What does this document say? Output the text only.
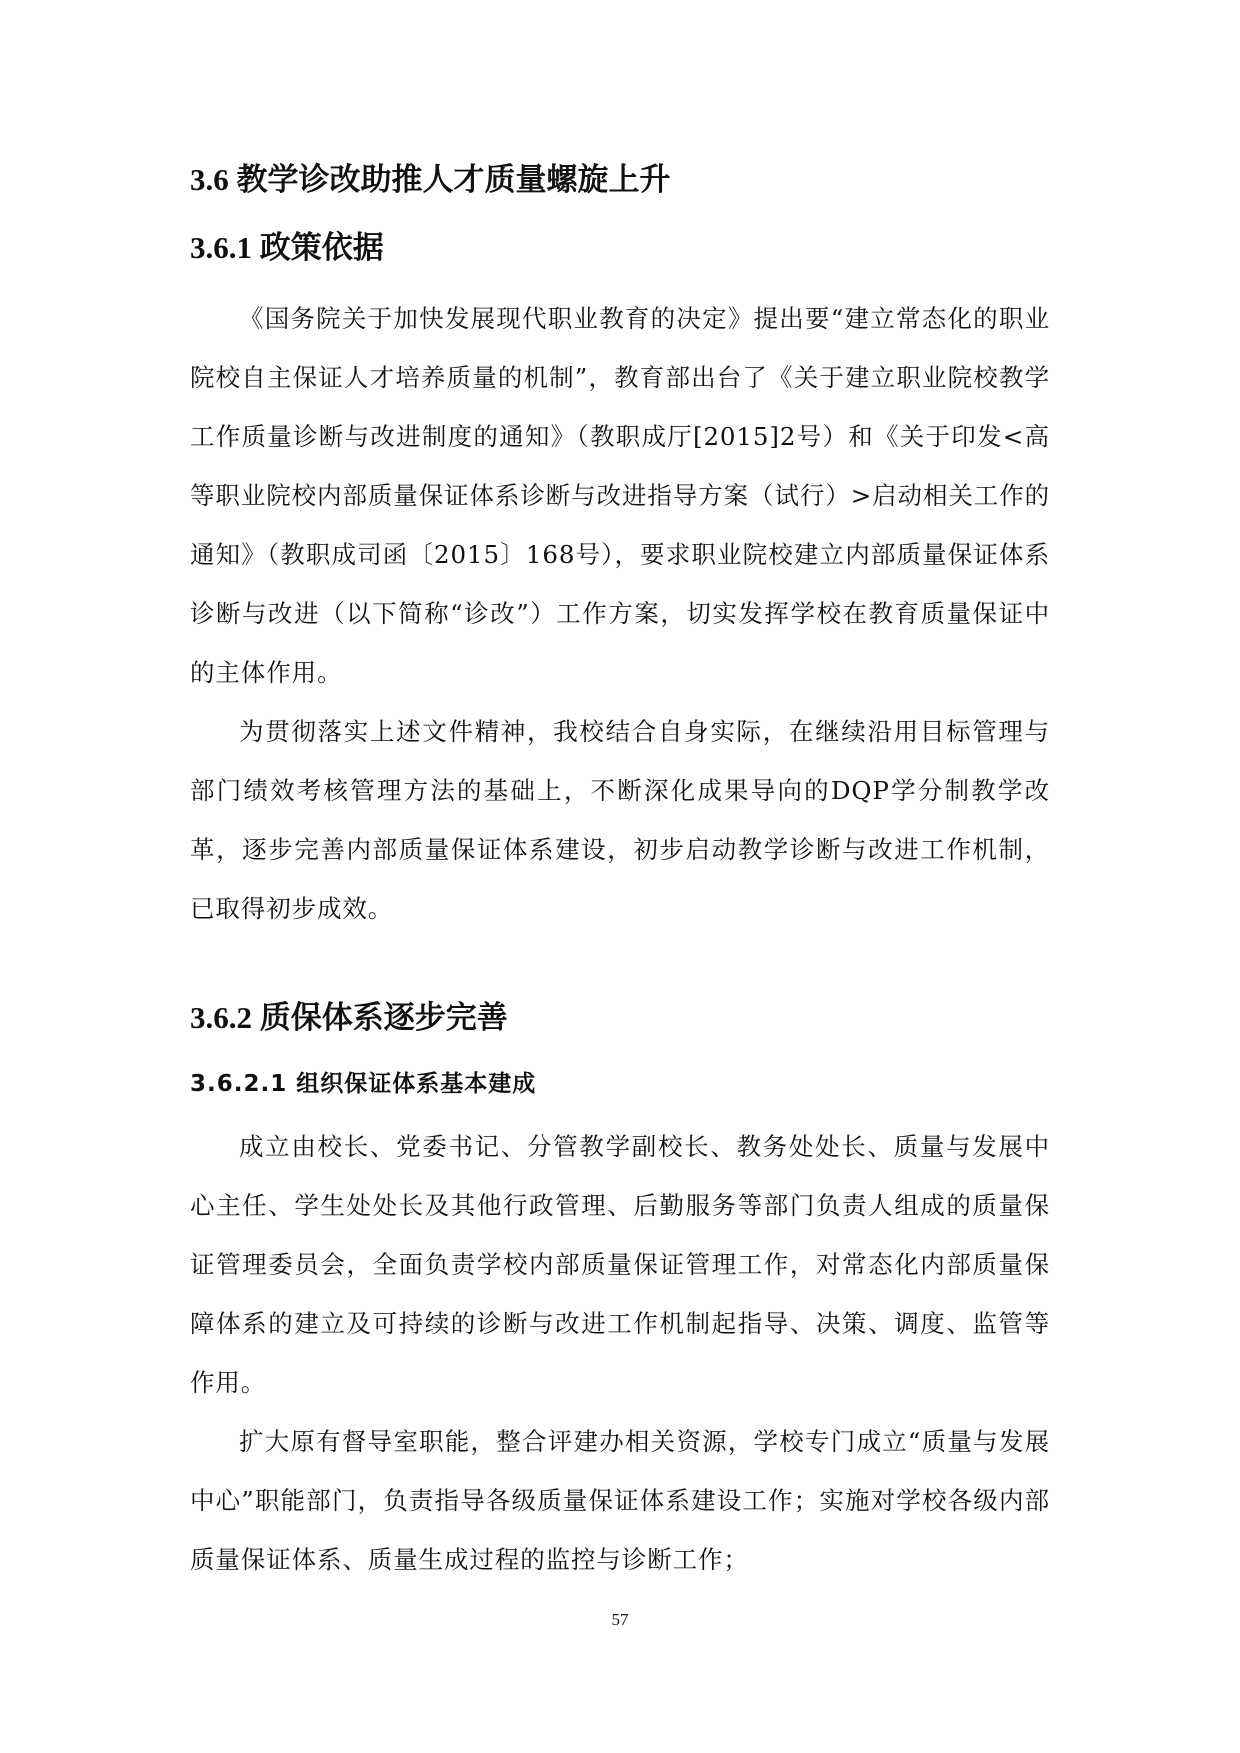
3.6 教学诊改助推人才质量螺旋上升
3.6.1 政策依据

《国务院关于加快发展现代职业教育的决定》提出要“建立常态化的职业院校自主保证人才培养质量的机制”，教育部出台了《关于建立职业院校教学工作质量诊断与改进制度的通知》（教职成厅[2015]2号）和《关于印发<高等职业院校内部质量保证体系诊断与改进指导方案（试行）>启动相关工作的通知》（教职成司函〔2015〕168号），要求职业院校建立内部质量保证体系诊断与改进（以下简称“诊改”）工作方案，切实发挥学校在教育质量保证中的主体作用。

为贯彻落实上述文件精神，我校结合自身实际，在继续沿用目标管理与部门绩效考核管理方法的基础上，不断深化成果导向的DQP学分制教学改革，逐步完善内部质量保证体系建设，初步启动教学诊断与改进工作机制，已取得初步成效。

3.6.2 质保体系逐步完善
3.6.2.1 组织保证体系基本建成

成立由校长、党委书记、分管教学副校长、教务处处长、质量与发展中心主任、学生处处长及其他行政管理、后勤服务等部门负责人组成的质量保证管理委员会，全面负责学校内部质量保证管理工作，对常态化内部质量保障体系的建立及可持续的诊断与改进工作机制起指导、决策、调度、监管等作用。

扩大原有督导室职能，整合评建办相关资源，学校专门成立“质量与发展中心”职能部门，负责指导各级质量保证体系建设工作；实施对学校各级内部质量保证体系、质量生成过程的监控与诊断工作；

57
